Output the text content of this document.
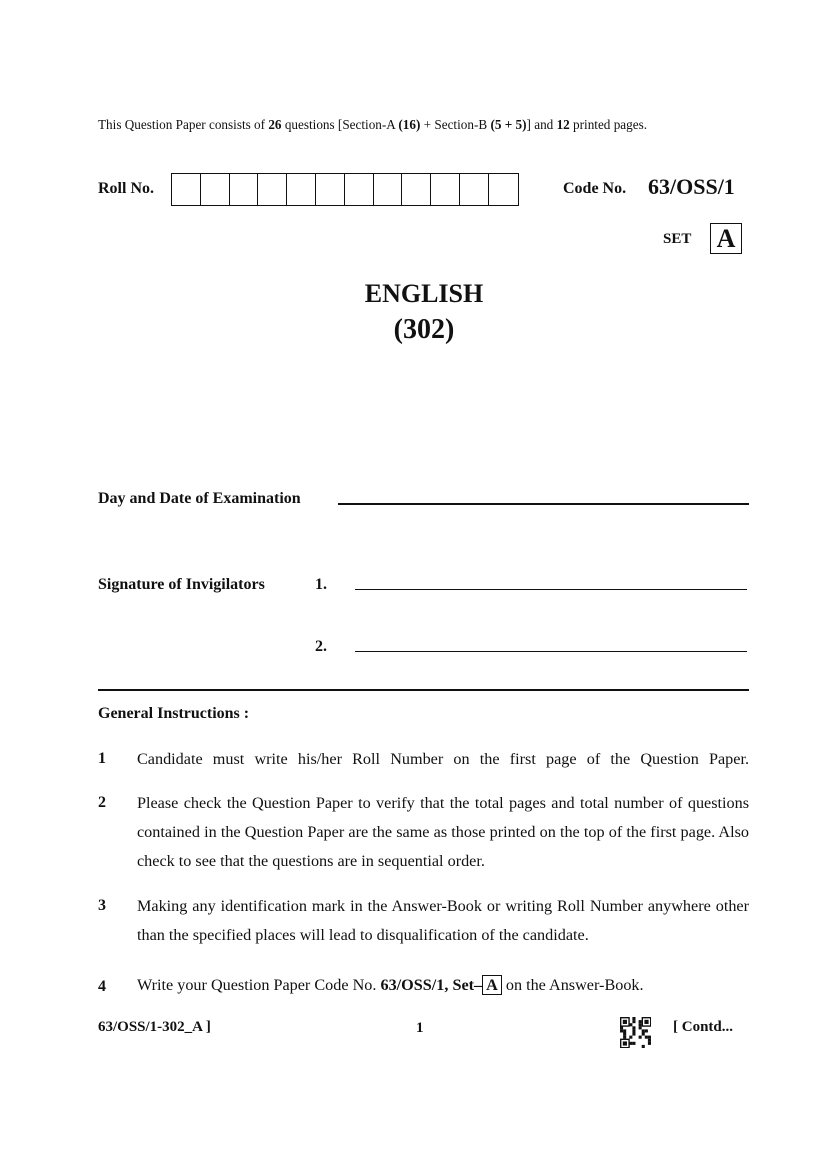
This Question Paper consists of 26 questions [Section-A (16) + Section-B (5 + 5)] and 12 printed pages.
Roll No.	Code No. 63/OSS/1
SET A
ENGLISH
(302)
Day and Date of Examination
Signature of Invigilators	1.
2.
General Instructions :
1 Candidate must write his/her Roll Number on the first page of the Question Paper.
2 Please check the Question Paper to verify that the total pages and total number of questions contained in the Question Paper are the same as those printed on the top of the first page. Also check to see that the questions are in sequential order.
3 Making any identification mark in the Answer-Book or writing Roll Number anywhere other than the specified places will lead to disqualification of the candidate.
4 Write your Question Paper Code No. 63/OSS/1, Set– A on the Answer-Book.
63/OSS/1-302_A ]	1	[ Contd...
